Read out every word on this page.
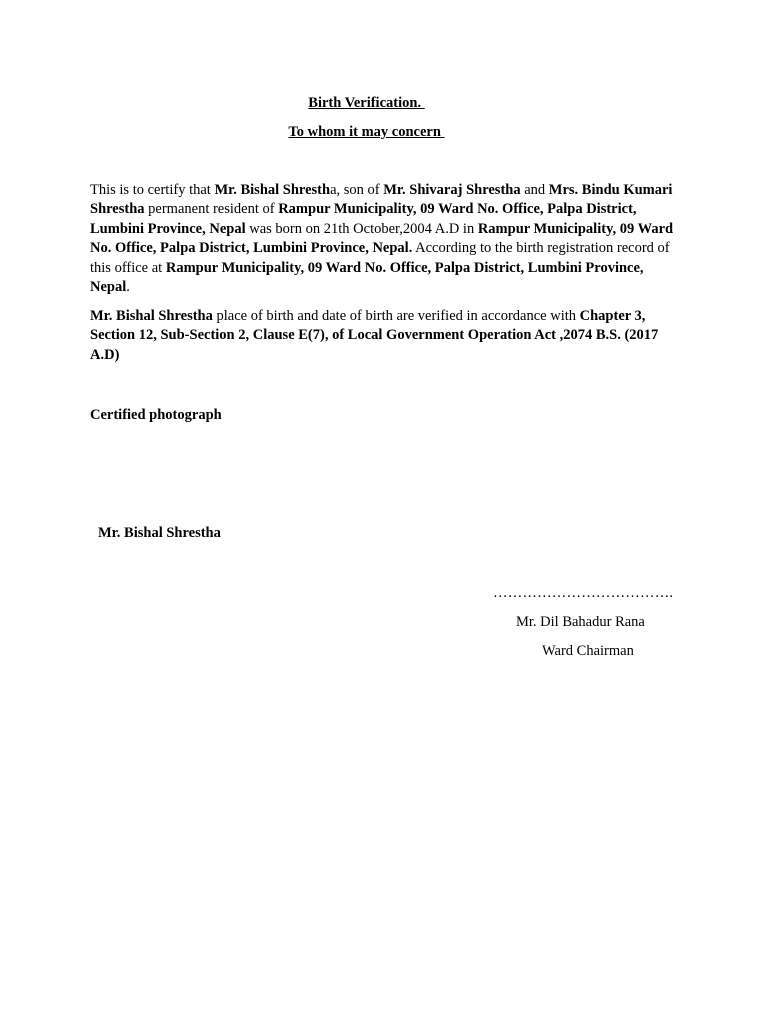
Birth Verification.
To whom it may concern

This is to certify that Mr. Bishal Shrestha, son of Mr. Shivaraj Shrestha and Mrs. Bindu Kumari Shrestha permanent resident of Rampur Municipality, 09 Ward No. Office, Palpa District, Lumbini Province, Nepal was born on 21th October,2004 A.D in Rampur Municipality, 09 Ward No. Office, Palpa District, Lumbini Province, Nepal. According to the birth registration record of this office at Rampur Municipality, 09 Ward No. Office, Palpa District, Lumbini Province, Nepal.

Mr. Bishal Shrestha place of birth and date of birth are verified in accordance with Chapter 3, Section 12, Sub-Section 2, Clause E(7), of Local Government Operation Act ,2074 B.S. (2017 A.D)

Certified photograph
Mr. Bishal Shrestha
……………………………….
Mr. Dil Bahadur Rana
Ward Chairman
